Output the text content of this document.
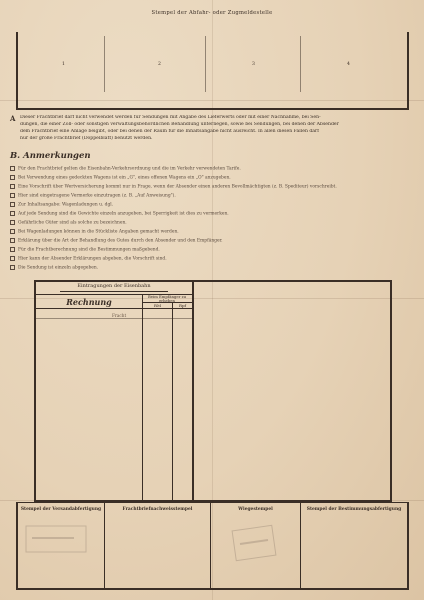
Stempel der Abfahr- oder Zugmeldestelle
1	2	3	4
A Dieser Frachtbrief darf nicht verwendet werden für Sendungen mit Angabe des Lieferwerts oder mit einer Nachnahme, bei Sen-
dungen, die einer Zoll- oder sonstigen verwaltungsbehördlichen Behandlung unterliegen, sowie bei Sendungen, bei denen der Absender
dem Frachtbrief eine Anlage beigibt, oder bei denen der Raum für die Inhaltsangabe nicht ausreicht. In allen diesen Fällen darf
nur der große Frachtbrief (Doppelblatt) benutzt werden.
B. Anmerkungen
Für den Frachtbrief gelten die Eisenbahn-Verkehrsordnung und die im Verkehr verwendeten Tarife.
Bei Verwendung eines gedeckten Wagens ist ein „G", eines offenen Wagens ein „O" anzugeben.
Eine Vorschrift über Wertversicherung kommt nur in Frage, wenn der Absender einen anderen Bevollmächtigten (z. B. Spediteur) vorschreibt.
Hier sind eingetragene Vermerke einzutragen (z. B. „Auf Anweisung").
Zur Inhaltsangabe: Wagenladungen u. dgl.
Auf jede Sendung sind die Gewichte einzeln anzugeben, bei Sperrigkeit ist dies zu vermerken.
Gefährliche Güter sind als solche zu bezeichnen.
Bei Wagenladungen können in die Stückliste Angaben gemacht werden.
Erklärung über die Art der Behandlung des Gutes durch den Absender und den Empfänger.
Für die Frachtberechnung sind die Bestimmungen maßgebend.
Hier kann der Absender Erklärungen abgeben, die Vorschrift sind.
Die Sendung ist einzeln abgegeben.
Eintragungen der Eisenbahn
Rechnung
Beim Empfänger zu erheben
RM	Rpf
Fracht
Stempel der Versandabfertigung	Frachtbriefnachweisstempel	Wiegestempel	Stempel der Bestimmungsabfertigung
